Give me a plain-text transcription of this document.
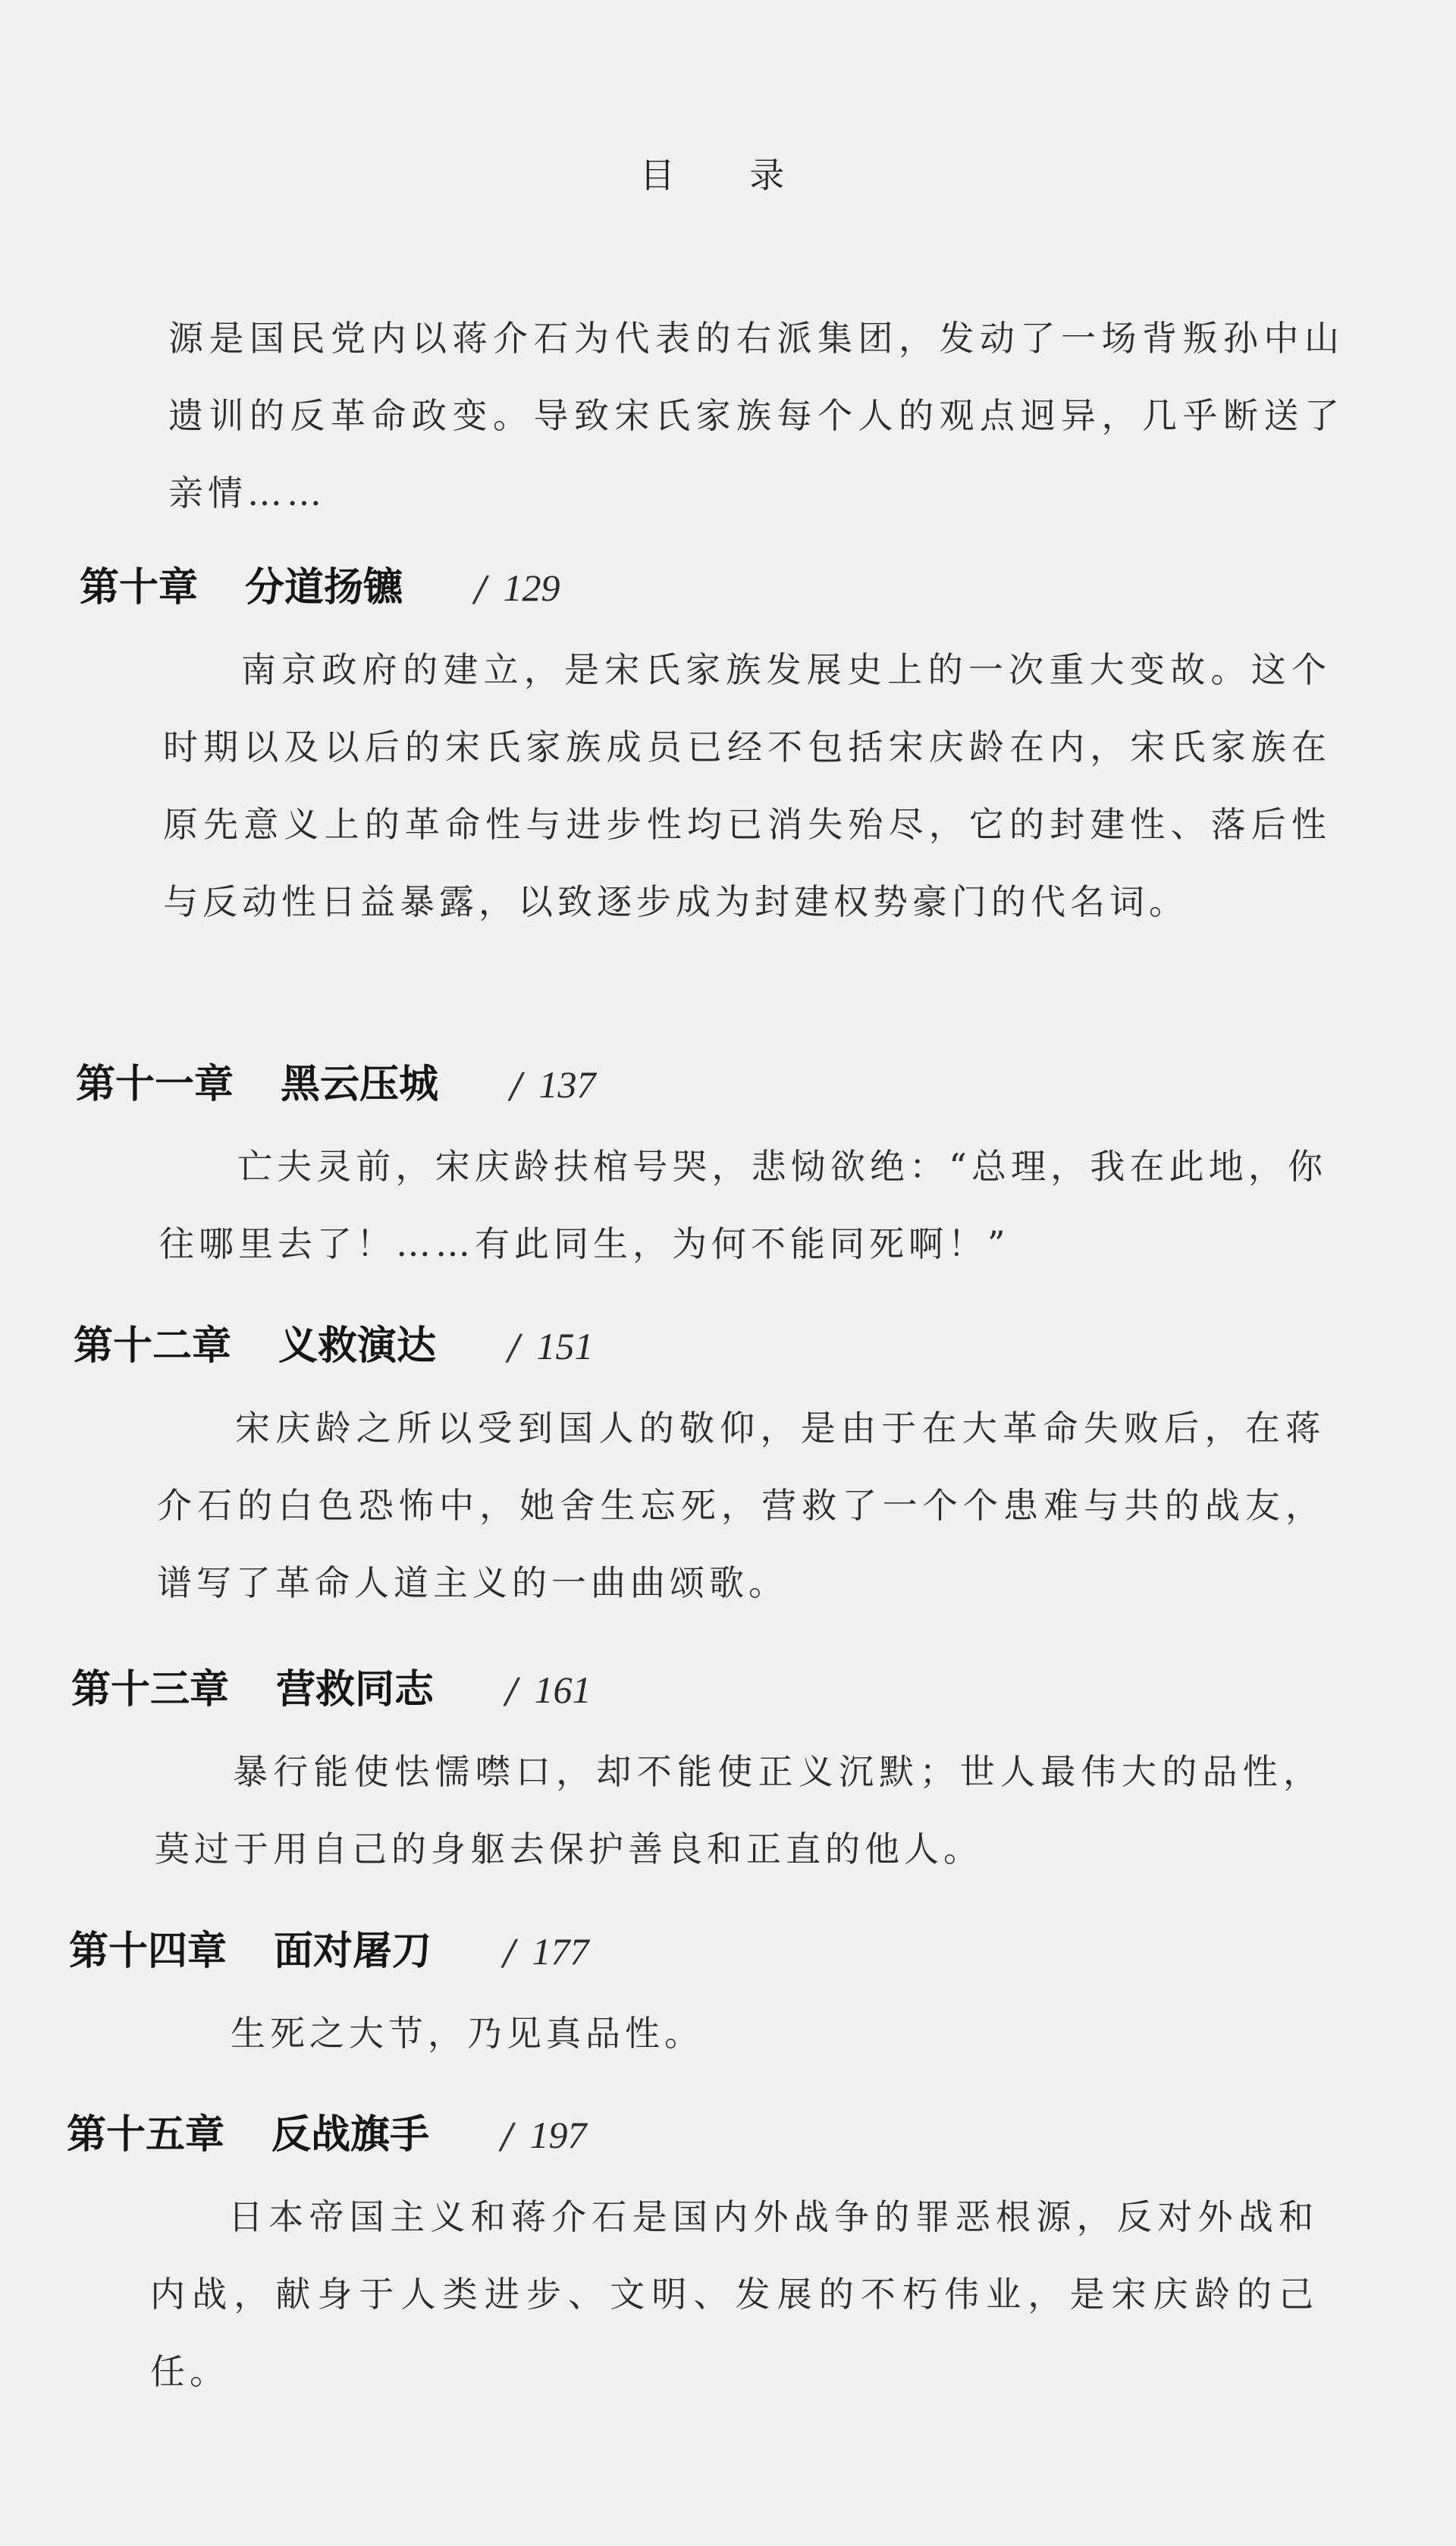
目 录
源是国民党内以蒋介石为代表的右派集团，发动了一场背叛孙中山遗训的反革命政变。导致宋氏家族每个人的观点迥异，几乎断送了亲情……
第十章 分道扬镳 / 129
南京政府的建立，是宋氏家族发展史上的一次重大变故。这个时期以及以后的宋氏家族成员已经不包括宋庆龄在内，宋氏家族在原先意义上的革命性与进步性均已消失殆尽，它的封建性、落后性与反动性日益暴露，以致逐步成为封建权势豪门的代名词。
第十一章 黑云压城 / 137
亡夫灵前，宋庆龄扶棺号哭，悲恸欲绝：“总理，我在此地，你往哪里去了！……有此同生，为何不能同死啊！”
第十二章 义救演达 / 151
宋庆龄之所以受到国人的敬仰，是由于在大革命失败后，在蒋介石的白色恐怖中，她舍生忘死，营救了一个个患难与共的战友，谱写了革命人道主义的一曲曲颂歌。
第十三章 营救同志 / 161
暴行能使怯懦噤口，却不能使正义沉默；世人最伟大的品性，莫过于用自己的身躯去保护善良和正直的他人。
第十四章 面对屠刀 / 177
生死之大节，乃见真品性。
第十五章 反战旗手 / 197
日本帝国主义和蒋介石是国内外战争的罪恶根源，反对外战和内战，献身于人类进步、文明、发展的不朽伟业，是宋庆龄的己任。
